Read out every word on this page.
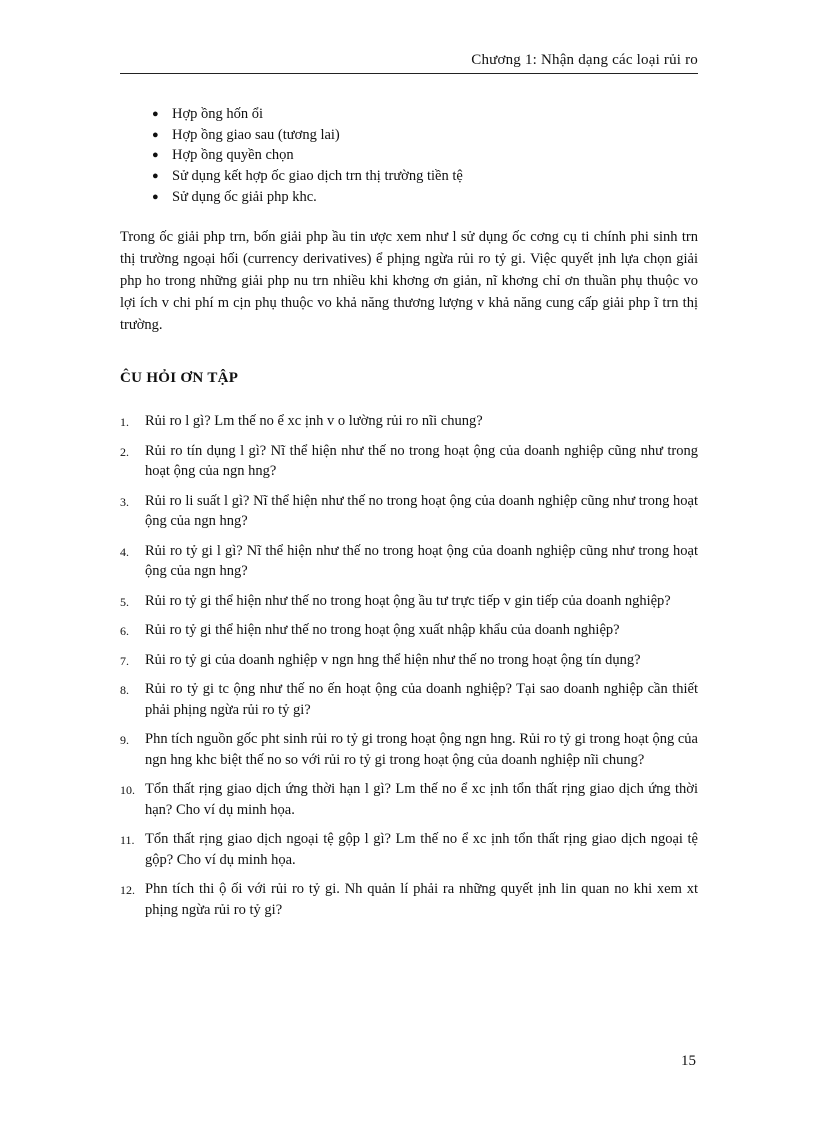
Chương 1: Nhận dạng các loại rủi ro
● Hợp ồng hốn ổi
● Hợp ồng giao sau (tương lai)
● Hợp ồng quyền chọn
● Sử dụng kết hợp ốc giao dịch trn thị trường tiền tệ
● Sử dụng ốc giải php khc.

Trong ốc giải php trn, bốn giải php ầu tin ược xem như l sử dụng ốc cơng cụ ti chính phi sinh trn thị trường ngoại hối (currency derivatives) ể phịng ngừa rủi ro tỷ gi. Việc quyết ịnh lựa chọn giải php ho trong những giải php nu trn nhiều khi khơng ơn giản, nĩ khơng chỉ ơn thuần phụ thuộc vo lợi ích v chi phí m cịn phụ thuộc vo khả năng thương lượng v khả năng cung cấp giải php ĩ trn thị trường.

ĈU HỎI ƠN TẬP
1. Rủi ro l gì? Lm thế no ể xc ịnh v o lường rủi ro nĩi chung?
2. Rủi ro tín dụng l gì? Nĩ thể hiện như thế no trong hoạt ộng của doanh nghiệp cũng như trong hoạt ộng của ngn hng?
3. Rủi ro li suất l gì? Nĩ thể hiện như thế no trong hoạt ộng của doanh nghiệp cũng như trong hoạt ộng của ngn hng?
4. Rủi ro tỷ gi l gì? Nĩ thể hiện như thế no trong hoạt ộng của doanh nghiệp cũng như trong hoạt ộng của ngn hng?
5. Rủi ro tỷ gi thể hiện như thế no trong hoạt ộng ầu tư trực tiếp v gin tiếp của doanh nghiệp?
6. Rủi ro tỷ gi thể hiện như thế no trong hoạt ộng xuất nhập khẩu của doanh nghiệp?
7. Rủi ro tỷ gi của doanh nghiệp v ngn hng thể hiện như thế no trong hoạt ộng tín dụng?
8. Rủi ro tỷ gi tc ộng như thế no ến hoạt ộng của doanh nghiệp? Tại sao doanh nghiệp cần thiết phải phịng ngừa rủi ro tỷ gi?
9. Phn tích nguồn gốc pht sinh rủi ro tỷ gi trong hoạt ộng ngn hng. Rủi ro tỷ gi trong hoạt ộng của ngn hng khc biệt thế no so với rủi ro tỷ gi trong hoạt ộng của doanh nghiệp nĩi chung?
10. Tổn thất rịng giao dịch ứng thời hạn l gì? Lm thế no ể xc ịnh tổn thất rịng giao dịch ứng thời hạn? Cho ví dụ minh họa.
11. Tổn thất rịng giao dịch ngoại tệ gộp l gì? Lm thế no ể xc ịnh tổn thất rịng giao dịch ngoại tệ gộp? Cho ví dụ minh họa.
12. Phn tích thi ộ ối với rủi ro tỷ gi. Nh quản lí phải ra những quyết ịnh lin quan no khi xem xt phịng ngừa rủi ro tỷ gi?
15
